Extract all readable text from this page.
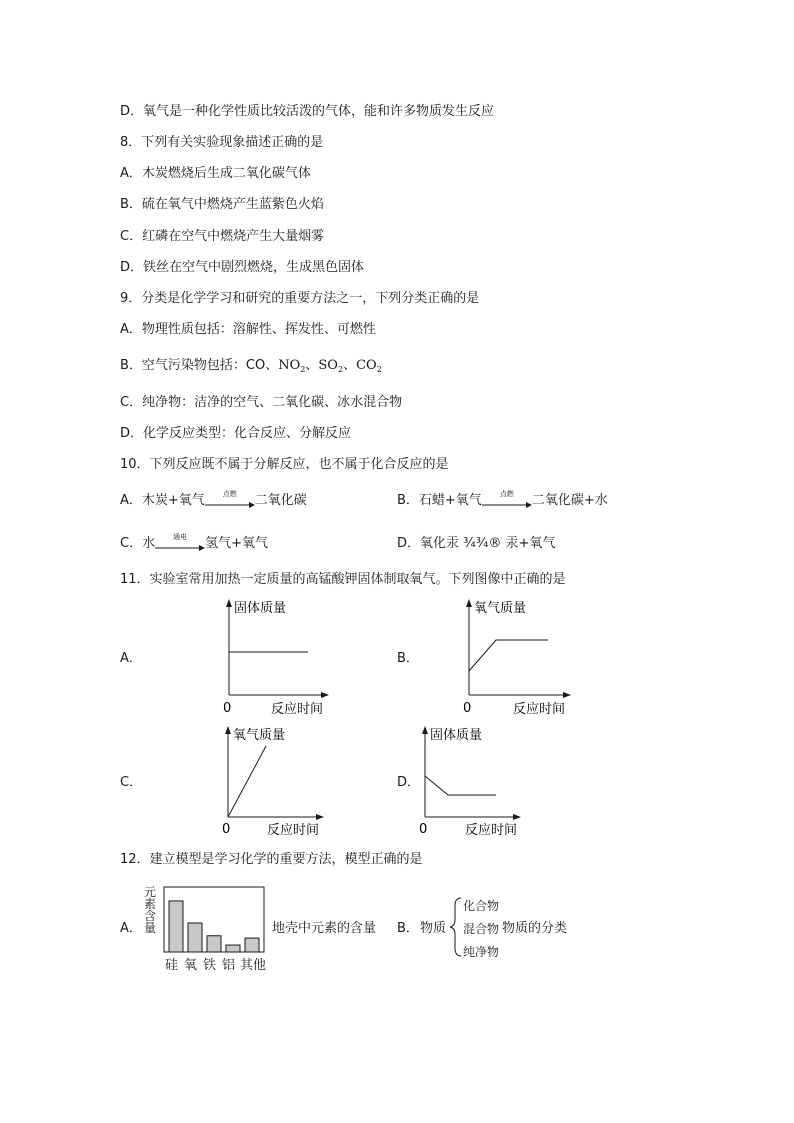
D．氧气是一种化学性质比较活泼的气体，能和许多物质发生反应
8．下列有关实验现象描述正确的是
A．木炭燃烧后生成二氧化碳气体
B．硫在氧气中燃烧产生蓝紫色火焰
C．红磷在空气中燃烧产生大量烟雾
D．铁丝在空气中剧烈燃烧，生成黑色固体
9．分类是化学学习和研究的重要方法之一，下列分类正确的是
A．物理性质包括：溶解性、挥发性、可燃性
B．空气污染物包括：CO、$NO_2$、$SO_2$、$CO_2$
C．纯净物：洁净的空气、二氧化碳、冰水混合物
D．化学反应类型：化合反应、分解反应
10．下列反应既不属于分解反应，也不属于化合反应的是
A．木炭+氧气	点燃	二氧化碳	B．石蜡+氧气	点燃	二氧化碳+水
C．水	通电	氢气+氧气	D．氧化汞 ¾¾® 汞+氧气
11．实验室常用加热一定质量的高锰酸钾固体制取氧气。下列图像中正确的是
A．	B．
C．	D．
固体质量
0	反应时间
氧气质量
0	反应时间
氧气质量
0	反应时间
固体质量
0	反应时间
12．建立模型是学习化学的重要方法，模型正确的是
A．
元素含量
硅 氧 铁 铝 其他
地壳中元素的含量 B． 物质
化合物
混合物
纯净物
物质的分类
